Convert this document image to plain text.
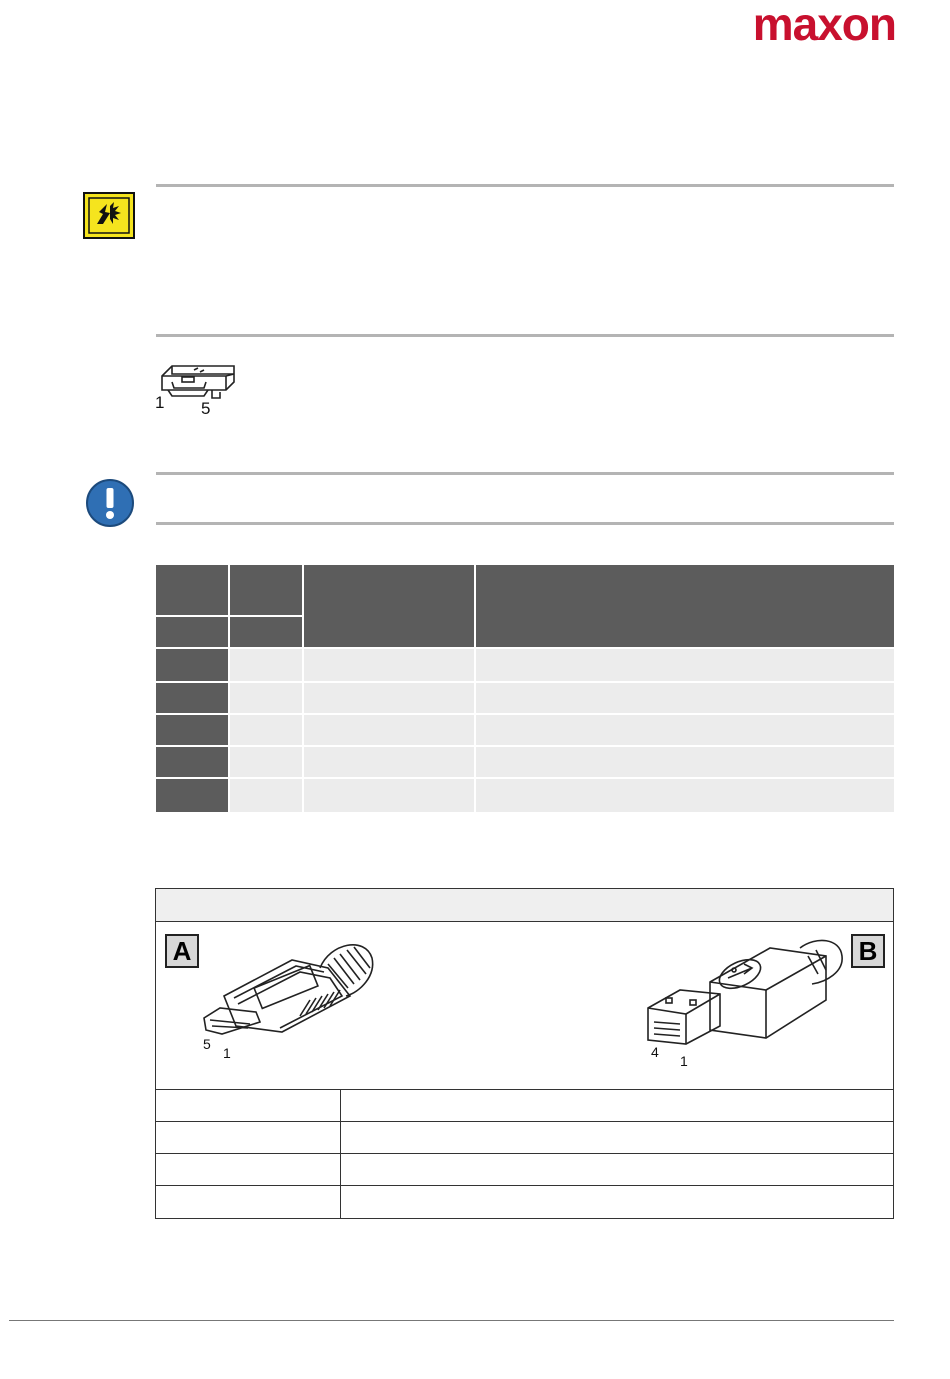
maxon
1 5
A	B
5
1	4
1
